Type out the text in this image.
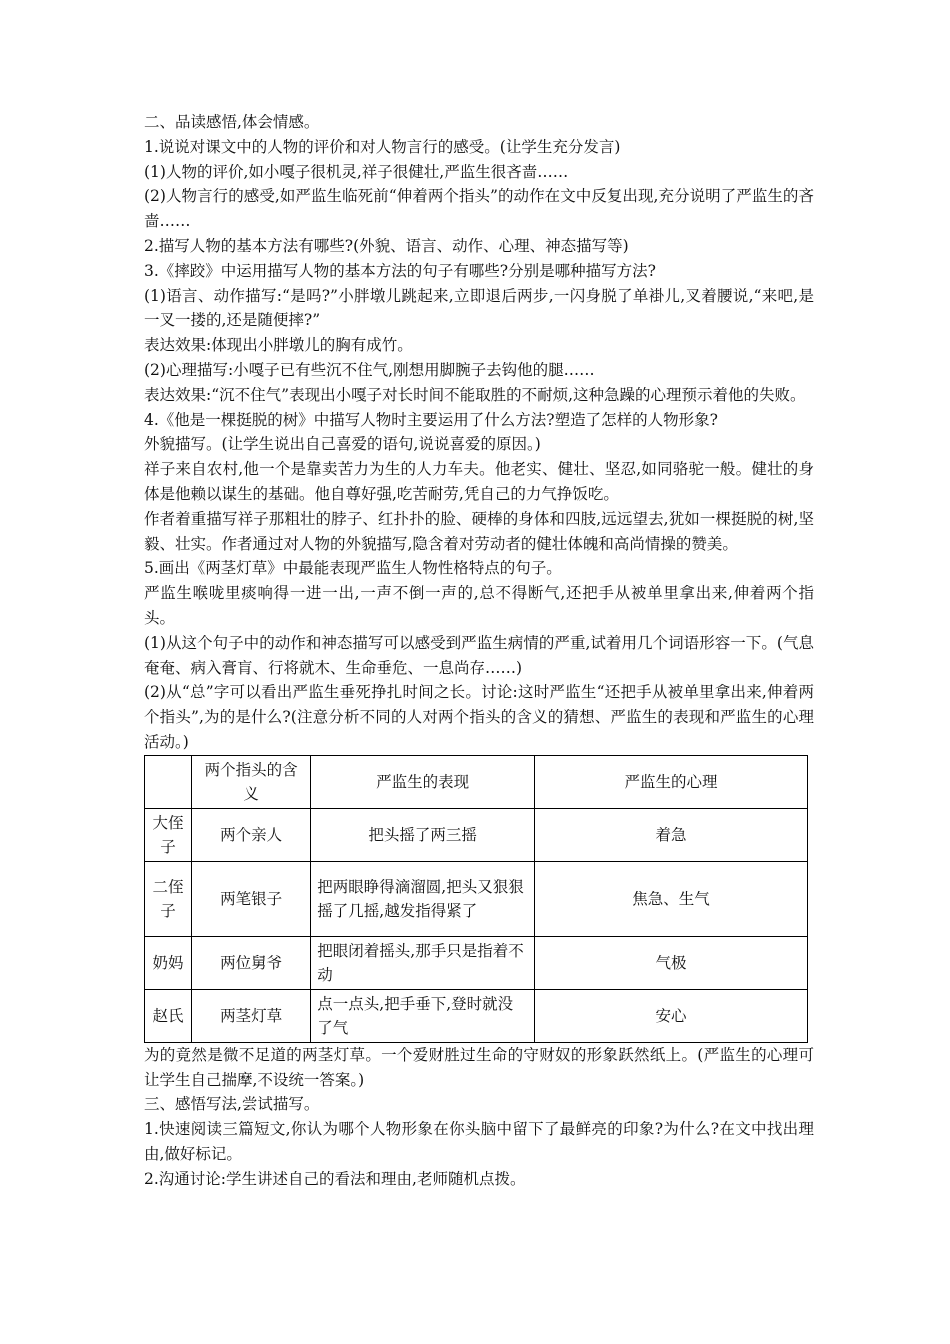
二、品读感悟,体会情感。

1.说说对课文中的人物的评价和对人物言行的感受。(让学生充分发言)

(1)人物的评价,如小嘎子很机灵,祥子很健壮,严监生很吝啬……

(2)人物言行的感受,如严监生临死前“伸着两个指头”的动作在文中反复出现,充分说明了严监生的吝啬……

2.描写人物的基本方法有哪些?(外貌、语言、动作、心理、神态描写等)

3.《摔跤》中运用描写人物的基本方法的句子有哪些?分别是哪种描写方法?

(1)语言、动作描写:“是吗?”小胖墩儿跳起来,立即退后两步,一闪身脱了单褂儿,叉着腰说,“来吧,是一叉一搂的,还是随便摔?”

表达效果:体现出小胖墩儿的胸有成竹。

(2)心理描写:小嘎子已有些沉不住气,刚想用脚腕子去钩他的腿……

表达效果:“沉不住气”表现出小嘎子对长时间不能取胜的不耐烦,这种急躁的心理预示着他的失败。

4.《他是一棵挺脱的树》中描写人物时主要运用了什么方法?塑造了怎样的人物形象?

外貌描写。(让学生说出自己喜爱的语句,说说喜爱的原因。)

祥子来自农村,他一个是靠卖苦力为生的人力车夫。他老实、健壮、坚忍,如同骆驼一般。健壮的身体是他赖以谋生的基础。他自尊好强,吃苦耐劳,凭自己的力气挣饭吃。

作者着重描写祥子那粗壮的脖子、红扑扑的脸、硬棒的身体和四肢,远远望去,犹如一棵挺脱的树,坚毅、壮实。作者通过对人物的外貌描写,隐含着对劳动者的健壮体魄和高尚情操的赞美。

5.画出《两茎灯草》中最能表现严监生人物性格特点的句子。

严监生喉咙里痰响得一进一出,一声不倒一声的,总不得断气,还把手从被单里拿出来,伸着两个指头。

(1)从这个句子中的动作和神态描写可以感受到严监生病情的严重,试着用几个词语形容一下。(气息奄奄、病入膏肓、行将就木、生命垂危、一息尚存……)

(2)从“总”字可以看出严监生垂死挣扎时间之长。讨论:这时严监生“还把手从被单里拿出来,伸着两个指头”,为的是什么?(注意分析不同的人对两个指头的含义的猜想、严监生的表现和严监生的心理活动。)

	两个指头的含义	严监生的表现	严监生的心理
大侄子	两个亲人	把头摇了两三摇	着急
二侄子	两笔银子	把两眼睁得滴溜圆,把头又狠狠摇了几摇,越发指得紧了	焦急、生气
奶妈	两位舅爷	把眼闭着摇头,那手只是指着不动	气极
赵氏	两茎灯草	点一点头,把手垂下,登时就没了气	安心

为的竟然是微不足道的两茎灯草。一个爱财胜过生命的守财奴的形象跃然纸上。(严监生的心理可让学生自己揣摩,不设统一答案。)

三、感悟写法,尝试描写。

1.快速阅读三篇短文,你认为哪个人物形象在你头脑中留下了最鲜亮的印象?为什么?在文中找出理由,做好标记。

2.沟通讨论:学生讲述自己的看法和理由,老师随机点拨。
